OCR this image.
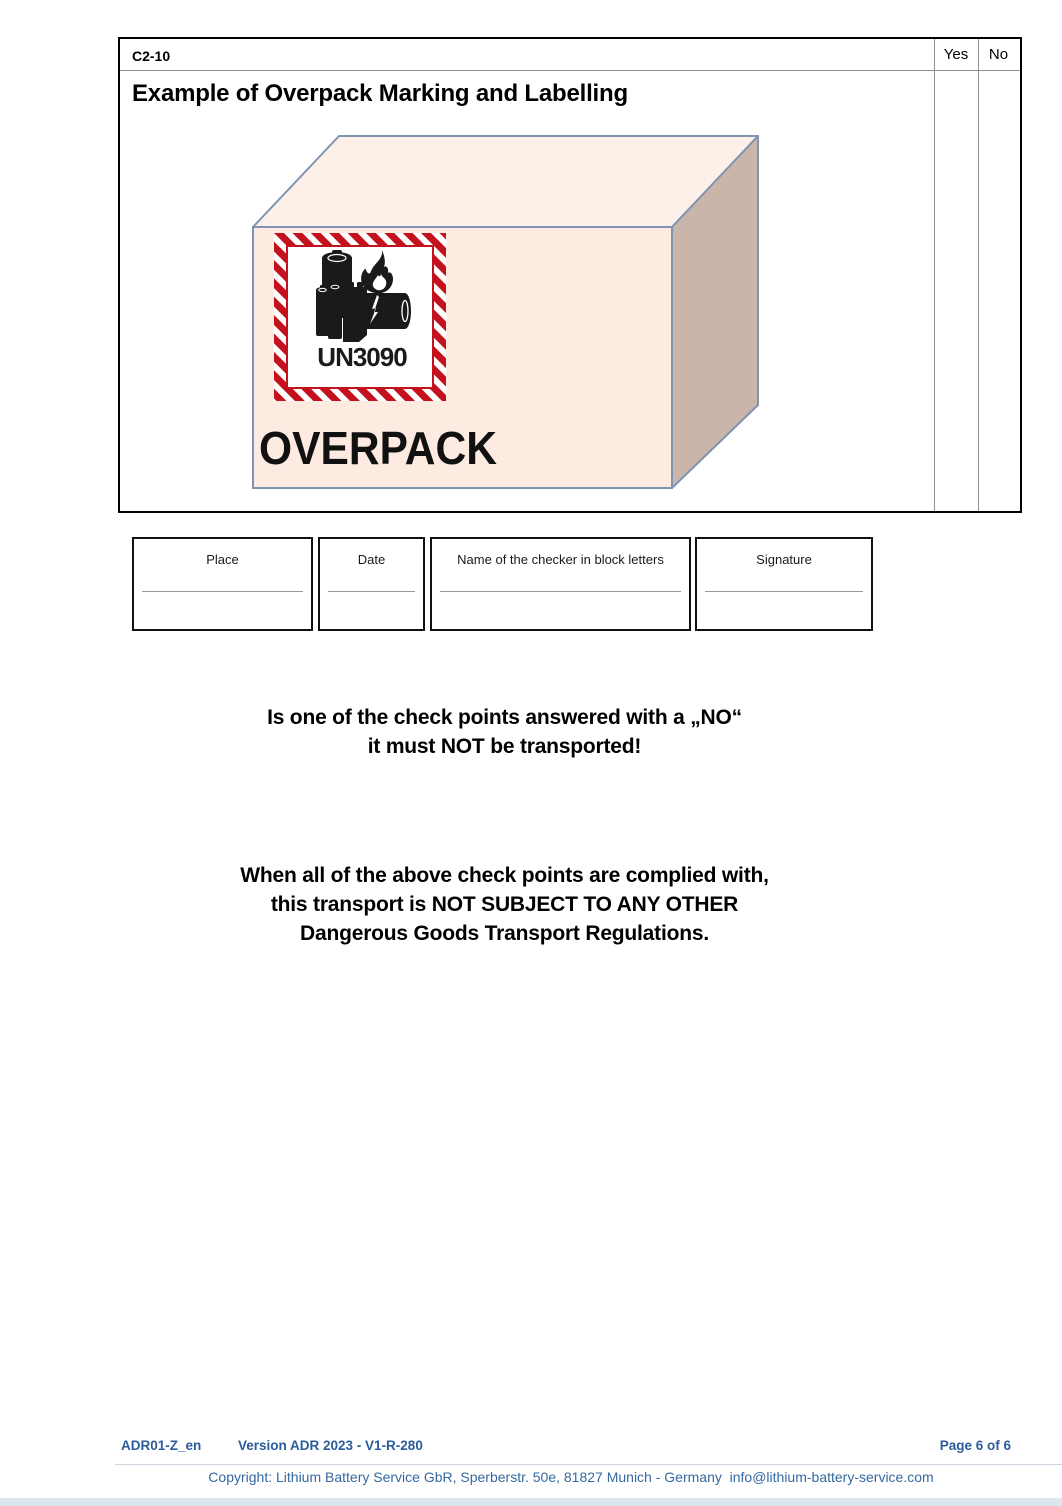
C2-10	Yes	No
Example of Overpack Marking and Labelling
UN3090
OVERPACK
Place	Date	Name of the checker in block letters	Signature
Is one of the check points answered with a „NO“
it must NOT be transported!
When all of the above check points are complied with,
this transport is NOT SUBJECT TO ANY OTHER
Dangerous Goods Transport Regulations.
ADR01-Z_en	Version ADR 2023 - V1-R-280	Page 6 of 6
Copyright: Lithium Battery Service GbR, Sperberstr. 50e, 81827 Munich - Germany  info@lithium-battery-service.com
